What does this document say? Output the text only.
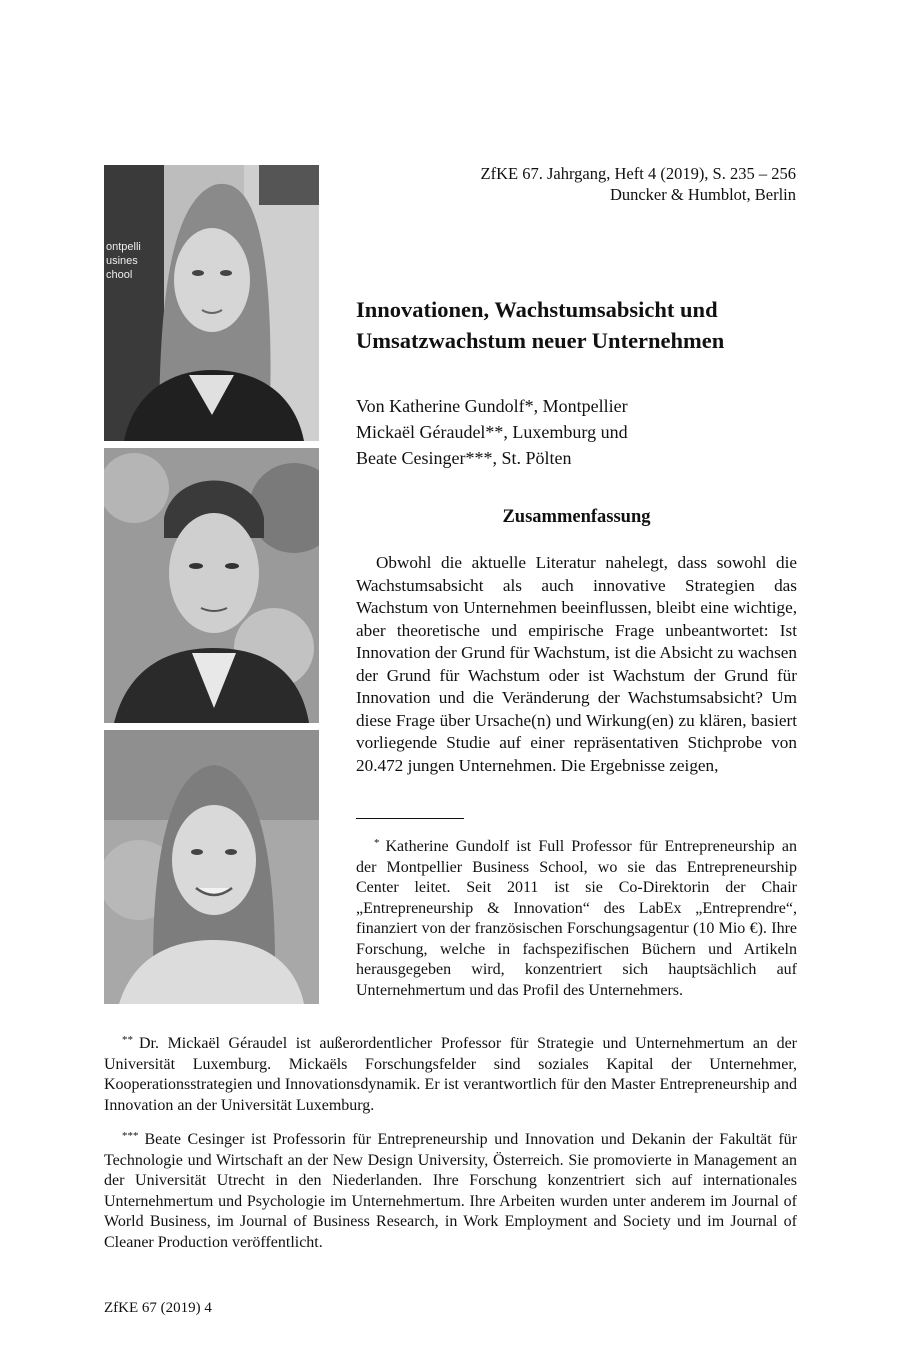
ZfKE 67. Jahrgang, Heft 4 (2019), S. 235 – 256
Duncker & Humblot, Berlin
ontpelli
usines
chool
Innovationen, Wachstumsabsicht und
Umsatzwachstum neuer Unternehmen
Von Katherine Gundolf*, Montpellier
Mickaël Géraudel**, Luxemburg und
Beate Cesinger***, St. Pölten
Zusammenfassung

Obwohl die aktuelle Literatur nahelegt, dass sowohl die Wachstumsabsicht als auch innovative Strategien das Wachstum von Unternehmen beeinflussen, bleibt eine wichtige, aber theoretische und empirische Frage unbeantwortet: Ist Innovation der Grund für Wachstum, ist die Absicht zu wachsen der Grund für Wachstum oder ist Wachstum der Grund für Innovation und die Veränderung der Wachstumsabsicht? Um diese Frage über Ursache(n) und Wirkung(en) zu klären, basiert vorliegende Studie auf einer repräsentativen Stichprobe von 20.472 jungen Unternehmen. Die Ergebnisse zeigen,

* Katherine Gundolf ist Full Professor für Entrepreneurship an der Montpellier Business School, wo sie das Entrepreneurship Center leitet. Seit 2011 ist sie Co-Direktorin der Chair „Entrepreneurship & Innovation“ des LabEx „Entreprendre“, finanziert von der französischen Forschungsagentur (10 Mio €). Ihre Forschung, welche in fachspezifischen Büchern und Artikeln herausgegeben wird, konzentriert sich hauptsächlich auf Unternehmertum und das Profil des Unternehmers.

** Dr. Mickaël Géraudel ist außerordentlicher Professor für Strategie und Unternehmertum an der Universität Luxemburg. Mickaëls Forschungsfelder sind soziales Kapital der Unternehmer, Kooperationsstrategien und Innovationsdynamik. Er ist verantwortlich für den Master Entrepreneurship and Innovation an der Universität Luxemburg.

*** Beate Cesinger ist Professorin für Entrepreneurship und Innovation und Dekanin der Fakultät für Technologie und Wirtschaft an der New Design University, Österreich. Sie promovierte in Management an der Universität Utrecht in den Niederlanden. Ihre Forschung konzentriert sich auf internationales Unternehmertum und Psychologie im Unternehmertum. Ihre Arbeiten wurden unter anderem im Journal of World Business, im Journal of Business Research, in Work Employment and Society und im Journal of Cleaner Production veröffentlicht.

ZfKE 67 (2019) 4
